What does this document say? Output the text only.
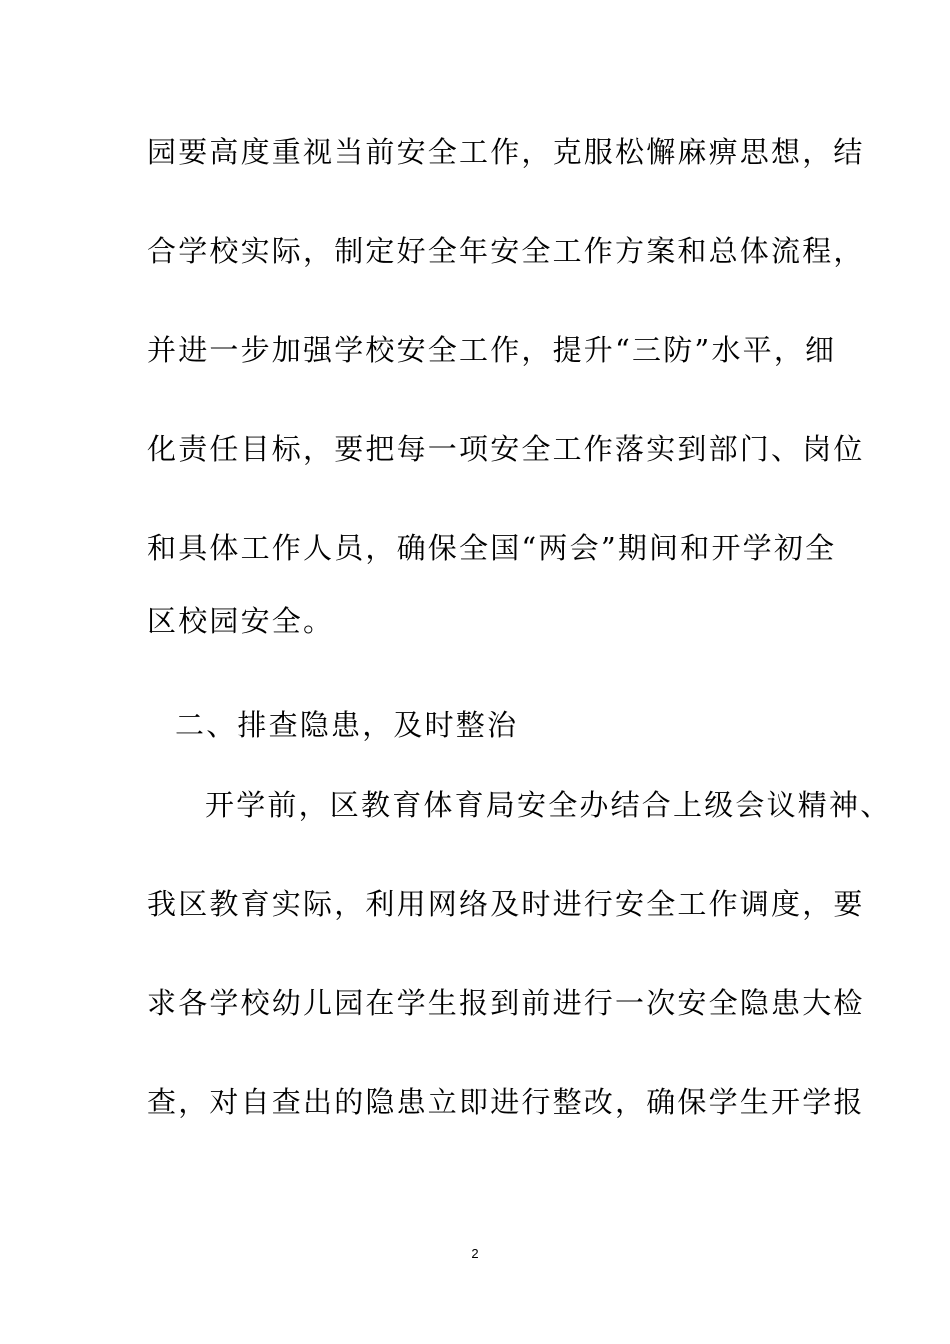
园要高度重视当前安全工作，克服松懈麻痹思想，结
合学校实际，制定好全年安全工作方案和总体流程，
并进一步加强学校安全工作，提升“三防”水平，细
化责任目标，要把每一项安全工作落实到部门、岗位
和具体工作人员，确保全国“两会”期间和开学初全
区校园安全。
二、排查隐患，及时整治
开学前，区教育体育局安全办结合上级会议精神、
我区教育实际，利用网络及时进行安全工作调度，要
求各学校幼儿园在学生报到前进行一次安全隐患大检
查，对自查出的隐患立即进行整改，确保学生开学报
2
